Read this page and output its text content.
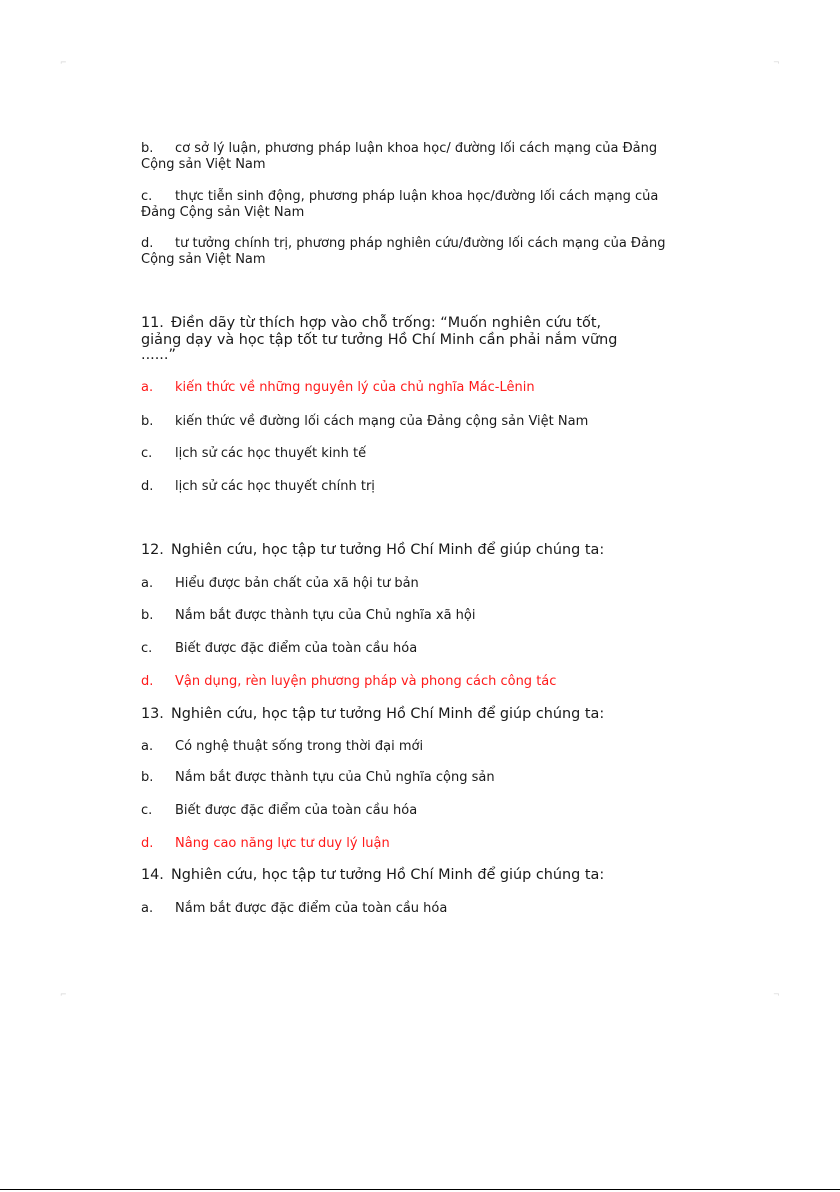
⌐	¬
⌐	¬
b. cơ sở lý luận, phương pháp luận khoa học/ đường lối cách mạng của Đảng
Cộng sản Việt Nam
c. thực tiễn sinh động, phương pháp luận khoa học/đường lối cách mạng của
Đảng Cộng sản Việt Nam
d. tư tưởng chính trị, phương pháp nghiên cứu/đường lối cách mạng của Đảng
Cộng sản Việt Nam
11. Điền dãy từ thích hợp vào chỗ trống: “Muốn nghiên cứu tốt,
giảng dạy và học tập tốt tư tưởng Hồ Chí Minh cần phải nắm vững
......”
a. kiến thức về những nguyên lý của chủ nghĩa Mác-Lênin
b. kiến thức về đường lối cách mạng của Đảng cộng sản Việt Nam
c. lịch sử các học thuyết kinh tế
d. lịch sử các học thuyết chính trị
12. Nghiên cứu, học tập tư tưởng Hồ Chí Minh để giúp chúng ta:
a. Hiểu được bản chất của xã hội tư bản
b. Nắm bắt được thành tựu của Chủ nghĩa xã hội
c. Biết được đặc điểm của toàn cầu hóa
d. Vận dụng, rèn luyện phương pháp và phong cách công tác
13. Nghiên cứu, học tập tư tưởng Hồ Chí Minh để giúp chúng ta:
a. Có nghệ thuật sống trong thời đại mới
b. Nắm bắt được thành tựu của Chủ nghĩa cộng sản
c. Biết được đặc điểm của toàn cầu hóa
d. Nâng cao năng lực tư duy lý luận
14. Nghiên cứu, học tập tư tưởng Hồ Chí Minh để giúp chúng ta:
a. Nắm bắt được đặc điểm của toàn cầu hóa
